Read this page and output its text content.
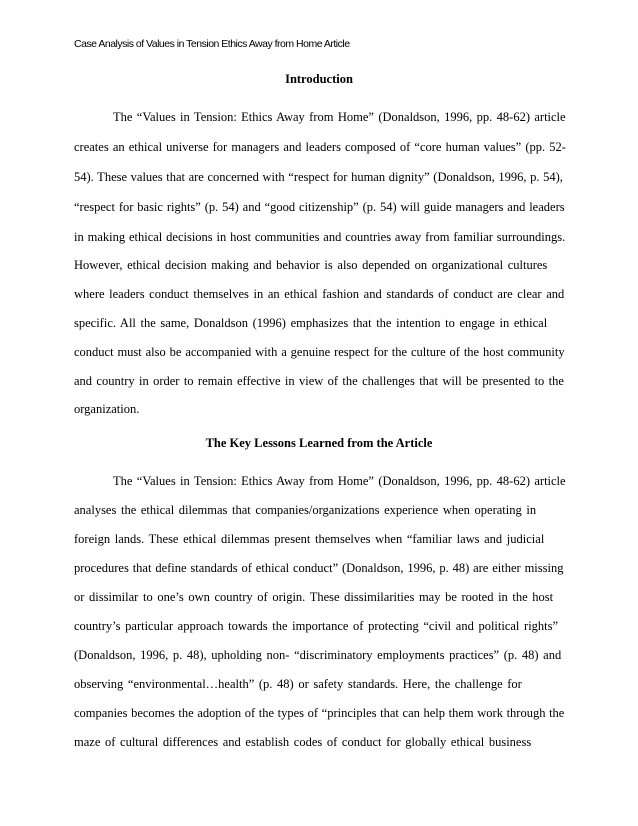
Case Analysis of Values in Tension Ethics Away from Home Article
Introduction
The “Values in Tension: Ethics Away from Home” (Donaldson, 1996, pp. 48-62) article
creates an ethical universe for managers and leaders composed of “core human values” (pp. 52-
54). These values that are concerned with “respect for human dignity” (Donaldson, 1996, p. 54),
“respect for basic rights” (p. 54) and “good citizenship” (p. 54) will guide managers and leaders
in making ethical decisions in host communities and countries away from familiar surroundings.
However, ethical decision making and behavior is also depended on organizational cultures
where leaders conduct themselves in an ethical fashion and standards of conduct are clear and
specific. All the same, Donaldson (1996) emphasizes that the intention to engage in ethical
conduct must also be accompanied with a genuine respect for the culture of the host community
and country in order to remain effective in view of the challenges that will be presented to the
organization.
The Key Lessons Learned from the Article
The “Values in Tension: Ethics Away from Home” (Donaldson, 1996, pp. 48-62) article
analyses the ethical dilemmas that companies/organizations experience when operating in
foreign lands. These ethical dilemmas present themselves when “familiar laws and judicial
procedures that define standards of ethical conduct” (Donaldson, 1996, p. 48) are either missing
or dissimilar to one’s own country of origin. These dissimilarities may be rooted in the host
country’s particular approach towards the importance of protecting “civil and political rights”
(Donaldson, 1996, p. 48), upholding non- “discriminatory employments practices” (p. 48) and
observing “environmental…health” (p. 48) or safety standards. Here, the challenge for
companies becomes the adoption of the types of “principles that can help them work through the
maze of cultural differences and establish codes of conduct for globally ethical business
